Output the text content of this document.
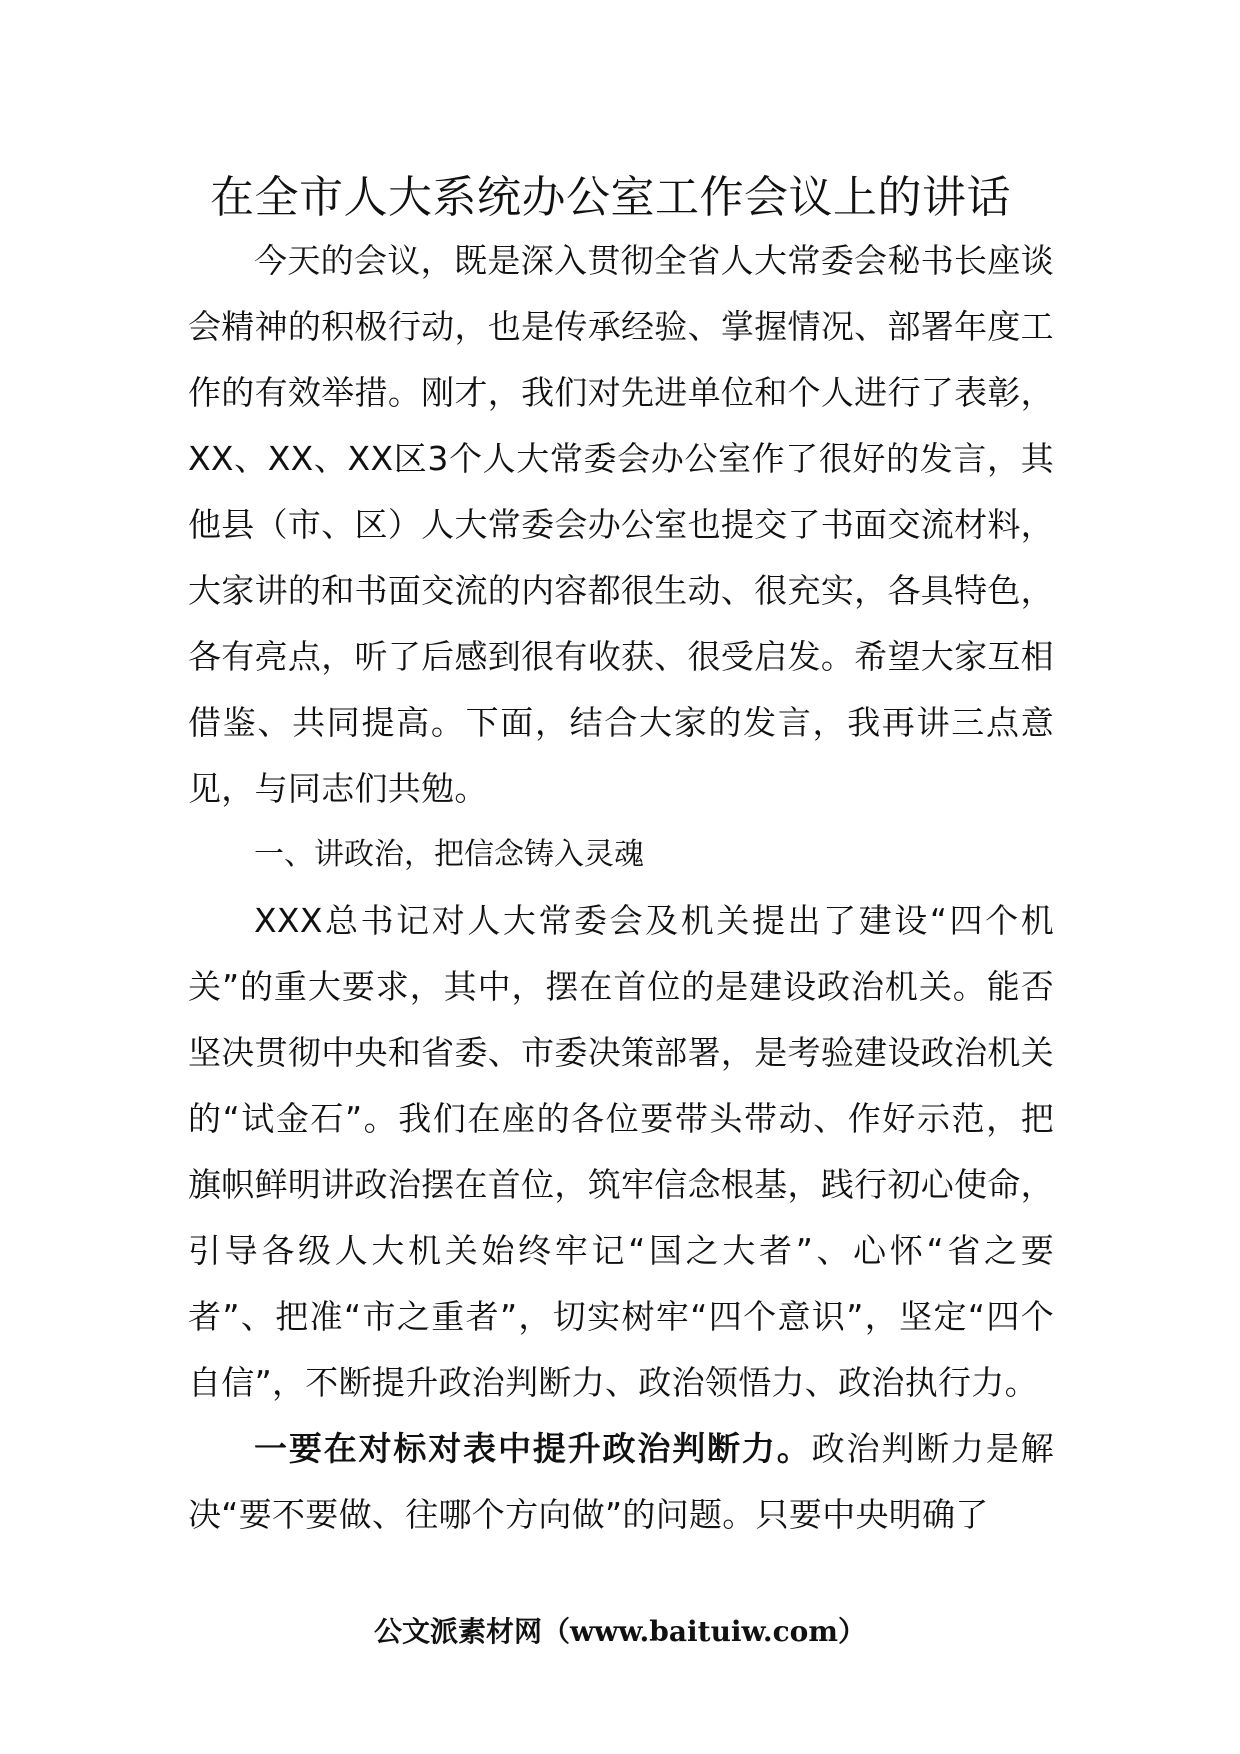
在全市人大系统办公室工作会议上的讲话

今天的会议，既是深入贯彻全省人大常委会秘书长座谈会精神的积极行动，也是传承经验、掌握情况、部署年度工作的有效举措。刚才，我们对先进单位和个人进行了表彰，XX、XX、XX区3个人大常委会办公室作了很好的发言，其他县（市、区）人大常委会办公室也提交了书面交流材料，大家讲的和书面交流的内容都很生动、很充实，各具特色，各有亮点，听了后感到很有收获、很受启发。希望大家互相借鉴、共同提高。下面，结合大家的发言，我再讲三点意见，与同志们共勉。

一、讲政治，把信念铸入灵魂

XXX总书记对人大常委会及机关提出了建设“四个机关”的重大要求，其中，摆在首位的是建设政治机关。能否坚决贯彻中央和省委、市委决策部署，是考验建设政治机关的“试金石”。我们在座的各位要带头带动、作好示范，把旗帜鲜明讲政治摆在首位，筑牢信念根基，践行初心使命，引导各级人大机关始终牢记“国之大者”、心怀“省之要者”、把准“市之重者”，切实树牢“四个意识”，坚定“四个自信”，不断提升政治判断力、政治领悟力、政治执行力。

一要在对标对表中提升政治判断力。政治判断力是解决“要不要做、往哪个方向做”的问题。只要中央明确了

公文派素材网（www.baituiw.com）
